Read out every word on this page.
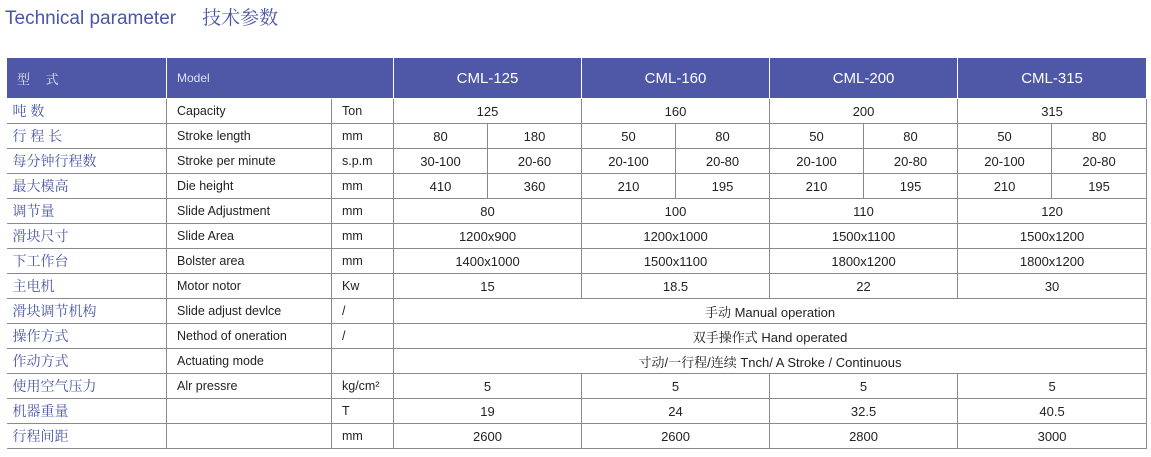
Technical parameter 技术参数
型 式	Model		CML-125		CML-160		CML-200		CML-315	
吨 数	Capacity	Ton	125		160		200		315	
行 程 长	Stroke length	mm	80	180	50	80	50	80	50	80
每分钟行程数	Stroke per minute	s.p.m	30-100	20-60	20-100	20-80	20-100	20-80	20-100	20-80
最大模高	Die height	mm	410	360	210	195	210	195	210	195
调节量	Slide Adjustment	mm	80		100		110		120	
滑块尺寸	Slide Area	mm	1200x900		1200x1000		1500x1100		1500x1200	
下工作台	Bolster area	mm	1400x1000		1500x1100		1800x1200		1800x1200	
主电机	Motor notor	Kw	15		18.5		22		30	
滑块调节机构	Slide adjust devlce	/	手动 Manual operation							
操作方式	Nethod of oneration	/	双手操作式 Hand operated							
作动方式	Actuating mode		寸动/一行程/连续 Tnch/ A Stroke / Continuous							
使用空气压力	Alr pressre	kg/cm²	5		5		5		5	
机器重量		T	19		24		32.5		40.5	
行程间距		mm	2600		2600		2800		3000	
